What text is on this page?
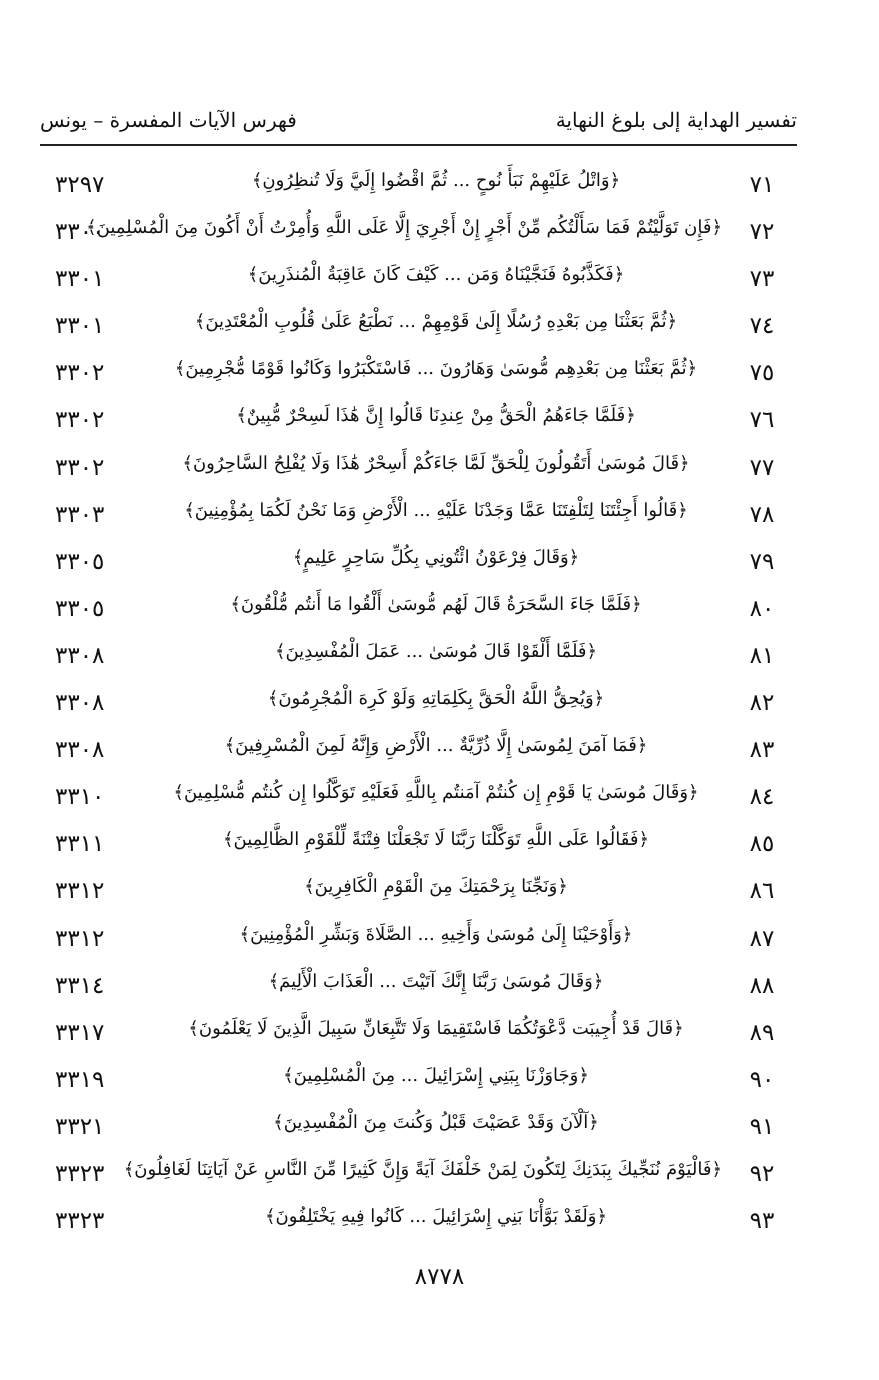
تفسير الهداية إلى بلوغ النهاية
فهرس الآيات المفسرة – يونس
٧١
﴿وَاتْلُ عَلَيْهِمْ نَبَأَ نُوحٍ ... ثُمَّ اقْضُوا إِلَيَّ وَلَا تُنظِرُونِ﴾
٣٢٩٧
٧٢
﴿فَإِن تَوَلَّيْتُمْ فَمَا سَأَلْتُكُم مِّنْ أَجْرٍ إِنْ أَجْرِيَ إِلَّا عَلَى اللَّهِ وَأُمِرْتُ أَنْ أَكُونَ مِنَ الْمُسْلِمِينَ﴾
٣٣٠٠
٧٣
﴿فَكَذَّبُوهُ فَنَجَّيْنَاهُ وَمَن ... كَيْفَ كَانَ عَاقِبَةُ الْمُنذَرِينَ﴾
٣٣٠١
٧٤
﴿ثُمَّ بَعَثْنَا مِن بَعْدِهِ رُسُلًا إِلَىٰ قَوْمِهِمْ ... نَطْبَعُ عَلَىٰ قُلُوبِ الْمُعْتَدِينَ﴾
٣٣٠١
٧٥
﴿ثُمَّ بَعَثْنَا مِن بَعْدِهِم مُّوسَىٰ وَهَارُونَ ... فَاسْتَكْبَرُوا وَكَانُوا قَوْمًا مُّجْرِمِينَ﴾
٣٣٠٢
٧٦
﴿فَلَمَّا جَاءَهُمُ الْحَقُّ مِنْ عِندِنَا قَالُوا إِنَّ هَٰذَا لَسِحْرٌ مُّبِينٌ﴾
٣٣٠٢
٧٧
﴿قَالَ مُوسَىٰ أَتَقُولُونَ لِلْحَقِّ لَمَّا جَاءَكُمْ أَسِحْرٌ هَٰذَا وَلَا يُفْلِحُ السَّاحِرُونَ﴾
٣٣٠٢
٧٨
﴿قَالُوا أَجِئْتَنَا لِتَلْفِتَنَا عَمَّا وَجَدْنَا عَلَيْهِ ... الْأَرْضِ وَمَا نَحْنُ لَكُمَا بِمُؤْمِنِينَ﴾
٣٣٠٣
٧٩
﴿وَقَالَ فِرْعَوْنُ ائْتُونِي بِكُلِّ سَاحِرٍ عَلِيمٍ﴾
٣٣٠٥
٨٠
﴿فَلَمَّا جَاءَ السَّحَرَةُ قَالَ لَهُم مُّوسَىٰ أَلْقُوا مَا أَنتُم مُّلْقُونَ﴾
٣٣٠٥
٨١
﴿فَلَمَّا أَلْقَوْا قَالَ مُوسَىٰ ... عَمَلَ الْمُفْسِدِينَ﴾
٣٣٠٨
٨٢
﴿وَيُحِقُّ اللَّهُ الْحَقَّ بِكَلِمَاتِهِ وَلَوْ كَرِهَ الْمُجْرِمُونَ﴾
٣٣٠٨
٨٣
﴿فَمَا آمَنَ لِمُوسَىٰ إِلَّا ذُرِّيَّةٌ ... الْأَرْضِ وَإِنَّهُ لَمِنَ الْمُسْرِفِينَ﴾
٣٣٠٨
٨٤
﴿وَقَالَ مُوسَىٰ يَا قَوْمِ إِن كُنتُمْ آمَنتُم بِاللَّهِ فَعَلَيْهِ تَوَكَّلُوا إِن كُنتُم مُّسْلِمِينَ﴾
٣٣١٠
٨٥
﴿فَقَالُوا عَلَى اللَّهِ تَوَكَّلْنَا رَبَّنَا لَا تَجْعَلْنَا فِتْنَةً لِّلْقَوْمِ الظَّالِمِينَ﴾
٣٣١١
٨٦
﴿وَنَجِّنَا بِرَحْمَتِكَ مِنَ الْقَوْمِ الْكَافِرِينَ﴾
٣٣١٢
٨٧
﴿وَأَوْحَيْنَا إِلَىٰ مُوسَىٰ وَأَخِيهِ ... الصَّلَاةَ وَبَشِّرِ الْمُؤْمِنِينَ﴾
٣٣١٢
٨٨
﴿وَقَالَ مُوسَىٰ رَبَّنَا إِنَّكَ آتَيْتَ ... الْعَذَابَ الْأَلِيمَ﴾
٣٣١٤
٨٩
﴿قَالَ قَدْ أُجِيبَت دَّعْوَتُكُمَا فَاسْتَقِيمَا وَلَا تَتَّبِعَانِّ سَبِيلَ الَّذِينَ لَا يَعْلَمُونَ﴾
٣٣١٧
٩٠
﴿وَجَاوَزْنَا بِبَنِي إِسْرَائِيلَ ... مِنَ الْمُسْلِمِينَ﴾
٣٣١٩
٩١
﴿آلْآنَ وَقَدْ عَصَيْتَ قَبْلُ وَكُنتَ مِنَ الْمُفْسِدِينَ﴾
٣٣٢١
٩٢
﴿فَالْيَوْمَ نُنَجِّيكَ بِبَدَنِكَ لِتَكُونَ لِمَنْ خَلْفَكَ آيَةً وَإِنَّ كَثِيرًا مِّنَ النَّاسِ عَنْ آيَاتِنَا لَغَافِلُونَ﴾
٣٣٢٣
٩٣
﴿وَلَقَدْ بَوَّأْنَا بَنِي إِسْرَائِيلَ ... كَانُوا فِيهِ يَخْتَلِفُونَ﴾
٣٣٢٣
٨٧٧٨
